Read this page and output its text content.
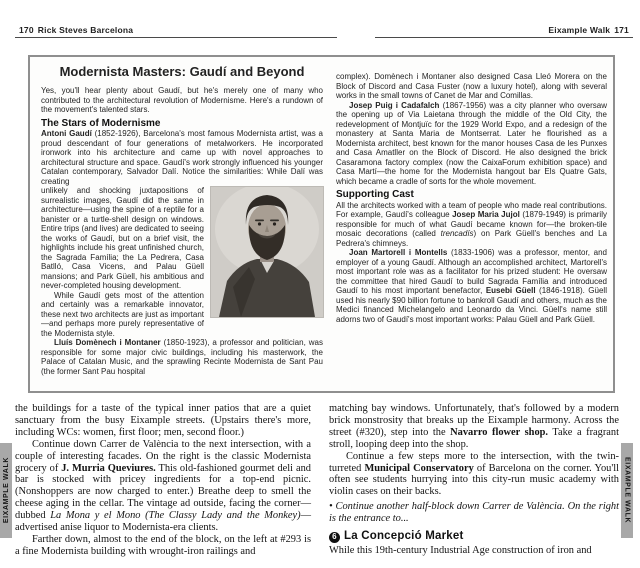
170 Rick Steves Barcelona	Eixample Walk 171
Modernista Masters: Gaudí and Beyond

Yes, you'll hear plenty about Gaudí, but he's merely one of many who contributed to the architectural revolution of Modernisme. Here's a rundown of the movement's talented stars.

The Stars of Modernisme

Antoni Gaudí (1852-1926), Barcelona's most famous Modernista artist, was a proud descendant of four generations of metalworkers. He incorporated ironwork into his architecture and came up with novel approaches to architectural structure and space. Gaudí's work strongly influenced his younger Catalan contemporary, Salvador Dalí. Notice the similarities: While Dalí was creating

unlikely and shocking juxtapositions of surrealistic images, Gaudí did the same in architecture—using the spine of a reptile for a banister or a turtle-shell design on windows. Entire trips (and lives) are dedicated to seeing the works of Gaudí, but on a brief visit, the highlights include his great unfinished church, the Sagrada Família; the La Pedrera, Casa Batlló, Casa Vicens, and Palau Güell mansions; and Park Güell, his ambitious and never-completed housing development.

While Gaudí gets most of the attention and certainly was a remarkable innovator, these next two architects are just as important—and perhaps more purely representative of the Modernista style.

Lluís Domènech i Montaner (1850-1923), a professor and politician, was responsible for some major civic buildings, including his masterwork, the Palace of Catalan Music, and the sprawling Recinte Modernista de Sant Pau (the former Sant Pau hospital

complex). Domènech i Montaner also designed Casa Lleó Morera on the Block of Discord and Casa Fuster (now a luxury hotel), along with several works in the small towns of Canet de Mar and Comillas.

Josep Puig i Cadafalch (1867-1956) was a city planner who oversaw the opening up of Via Laietana through the middle of the Old City, the redevelopment of Montjuïc for the 1929 World Expo, and a redesign of the monastery at Santa Maria de Montserrat. Later he flourished as a Modernista architect, best known for the manor houses Casa de les Punxes and Casa Amatller on the Block of Discord. He also designed the brick Casaramona factory complex (now the CaixaForum exhibition space) and Casa Martí—the home for the Modernista hangout bar Els Quatre Gats, which became a cradle of sorts for the whole movement.

Supporting Cast

All the architects worked with a team of people who made real contributions. For example, Gaudí's colleague Josep Maria Jujol (1879-1949) is primarily responsible for much of what Gaudí became known for—the broken-tile mosaic decorations (called trencadís) on Park Güell's benches and La Pedrera's chimneys.

Joan Martorell i Montells (1833-1906) was a professor, mentor, and employer of a young Gaudí. Although an accomplished architect, Martorell's most important role was as a facilitator for his prized student: He oversaw the committee that hired Gaudí to build Sagrada Família and introduced Gaudí to his most important benefactor, Eusebi Güell (1846-1918). Güell used his nearly $90 billion fortune to bankroll Gaudí and others, much as the Medici financed Michelangelo and Leonardo da Vinci. Güell's name still adorns two of Gaudí's most important works: Palau Güell and Park Güell.

the buildings for a taste of the typical inner patios that are a quiet sanctuary from the busy Eixample streets. (Upstairs there's more, including WCs: women, first floor; men, second floor.)

Continue down Carrer de València to the next intersection, with a couple of interesting facades. On the right is the classic Modernista grocery of J. Murria Queviures. This old-fashioned gourmet deli and bar is stocked with pricey ingredients for a top-end picnic. (Nonshoppers are now charged to enter.) Breathe deep to smell the cheese aging in the cellar. The vintage ad outside, facing the corner—dubbed La Mona y el Mono (The Classy Lady and the Monkey)—advertised anise liquor to Modernista-era clients.

Farther down, almost to the end of the block, on the left at #293 is a fine Modernista building with wrought-iron railings and

matching bay windows. Unfortunately, that's followed by a modern brick monstrosity that breaks up the Eixample harmony. Across the street (#320), step into the Navarro flower shop. Take a fragrant stroll, looping deep into the shop.

Continue a few steps more to the intersection, with the twin-turreted Municipal Conservatory of Barcelona on the corner. You'll often see students hurrying into this city-run music academy with violin cases on their backs.

• Continue another half-block down Carrer de València. On the right is the entrance to...

6 La Concepció Market

While this 19th-century Industrial Age construction of iron and

EIXAMPLE WALK	EIXAMPLE WALK
